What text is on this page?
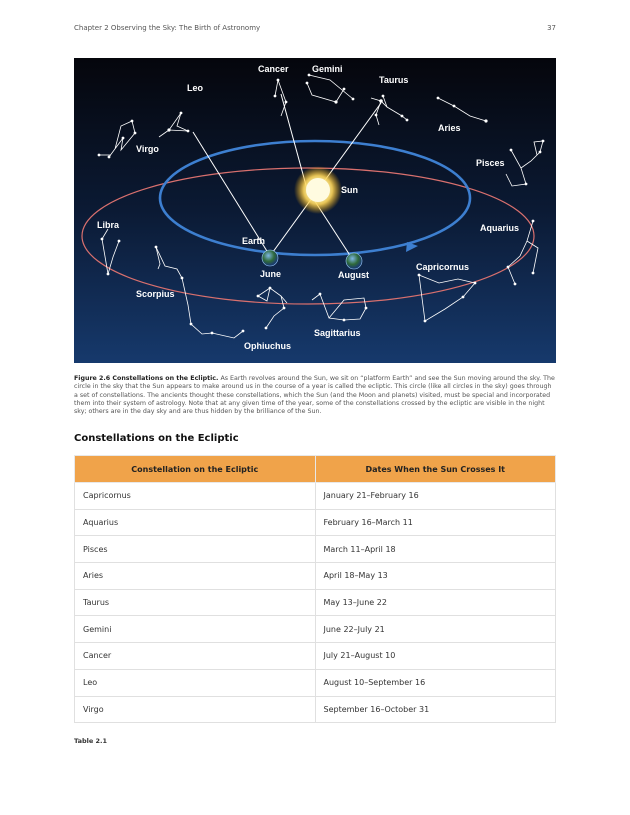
Chapter 2 Observing the Sky: The Birth of Astronomy	37
Cancer	Gemini
Taurus
Leo
Aries
Virgo
Pisces
Sun
Libra	Aquarius
Earth
June	August
Capricornus
Scorpius
Sagittarius
Ophiuchus
Figure 2.6 Constellations on the Ecliptic. As Earth revolves around the Sun, we sit on “platform Earth” and see the Sun moving around the sky. The circle in the sky that the Sun appears to make around us in the course of a year is called the ecliptic. This circle (like all circles in the sky) goes through a set of constellations. The ancients thought these constellations, which the Sun (and the Moon and planets) visited, must be special and incorporated them into their system of astrology. Note that at any given time of the year, some of the constellations crossed by the ecliptic are visible in the night sky; others are in the day sky and are thus hidden by the brilliance of the Sun.
Constellations on the Ecliptic
Constellation on the Ecliptic	Dates When the Sun Crosses It
Capricornus	January 21–February 16
Aquarius	February 16–March 11
Pisces	March 11–April 18
Aries	April 18–May 13
Taurus	May 13–June 22
Gemini	June 22–July 21
Cancer	July 21–August 10
Leo	August 10–September 16
Virgo	September 16–October 31
Table 2.1
